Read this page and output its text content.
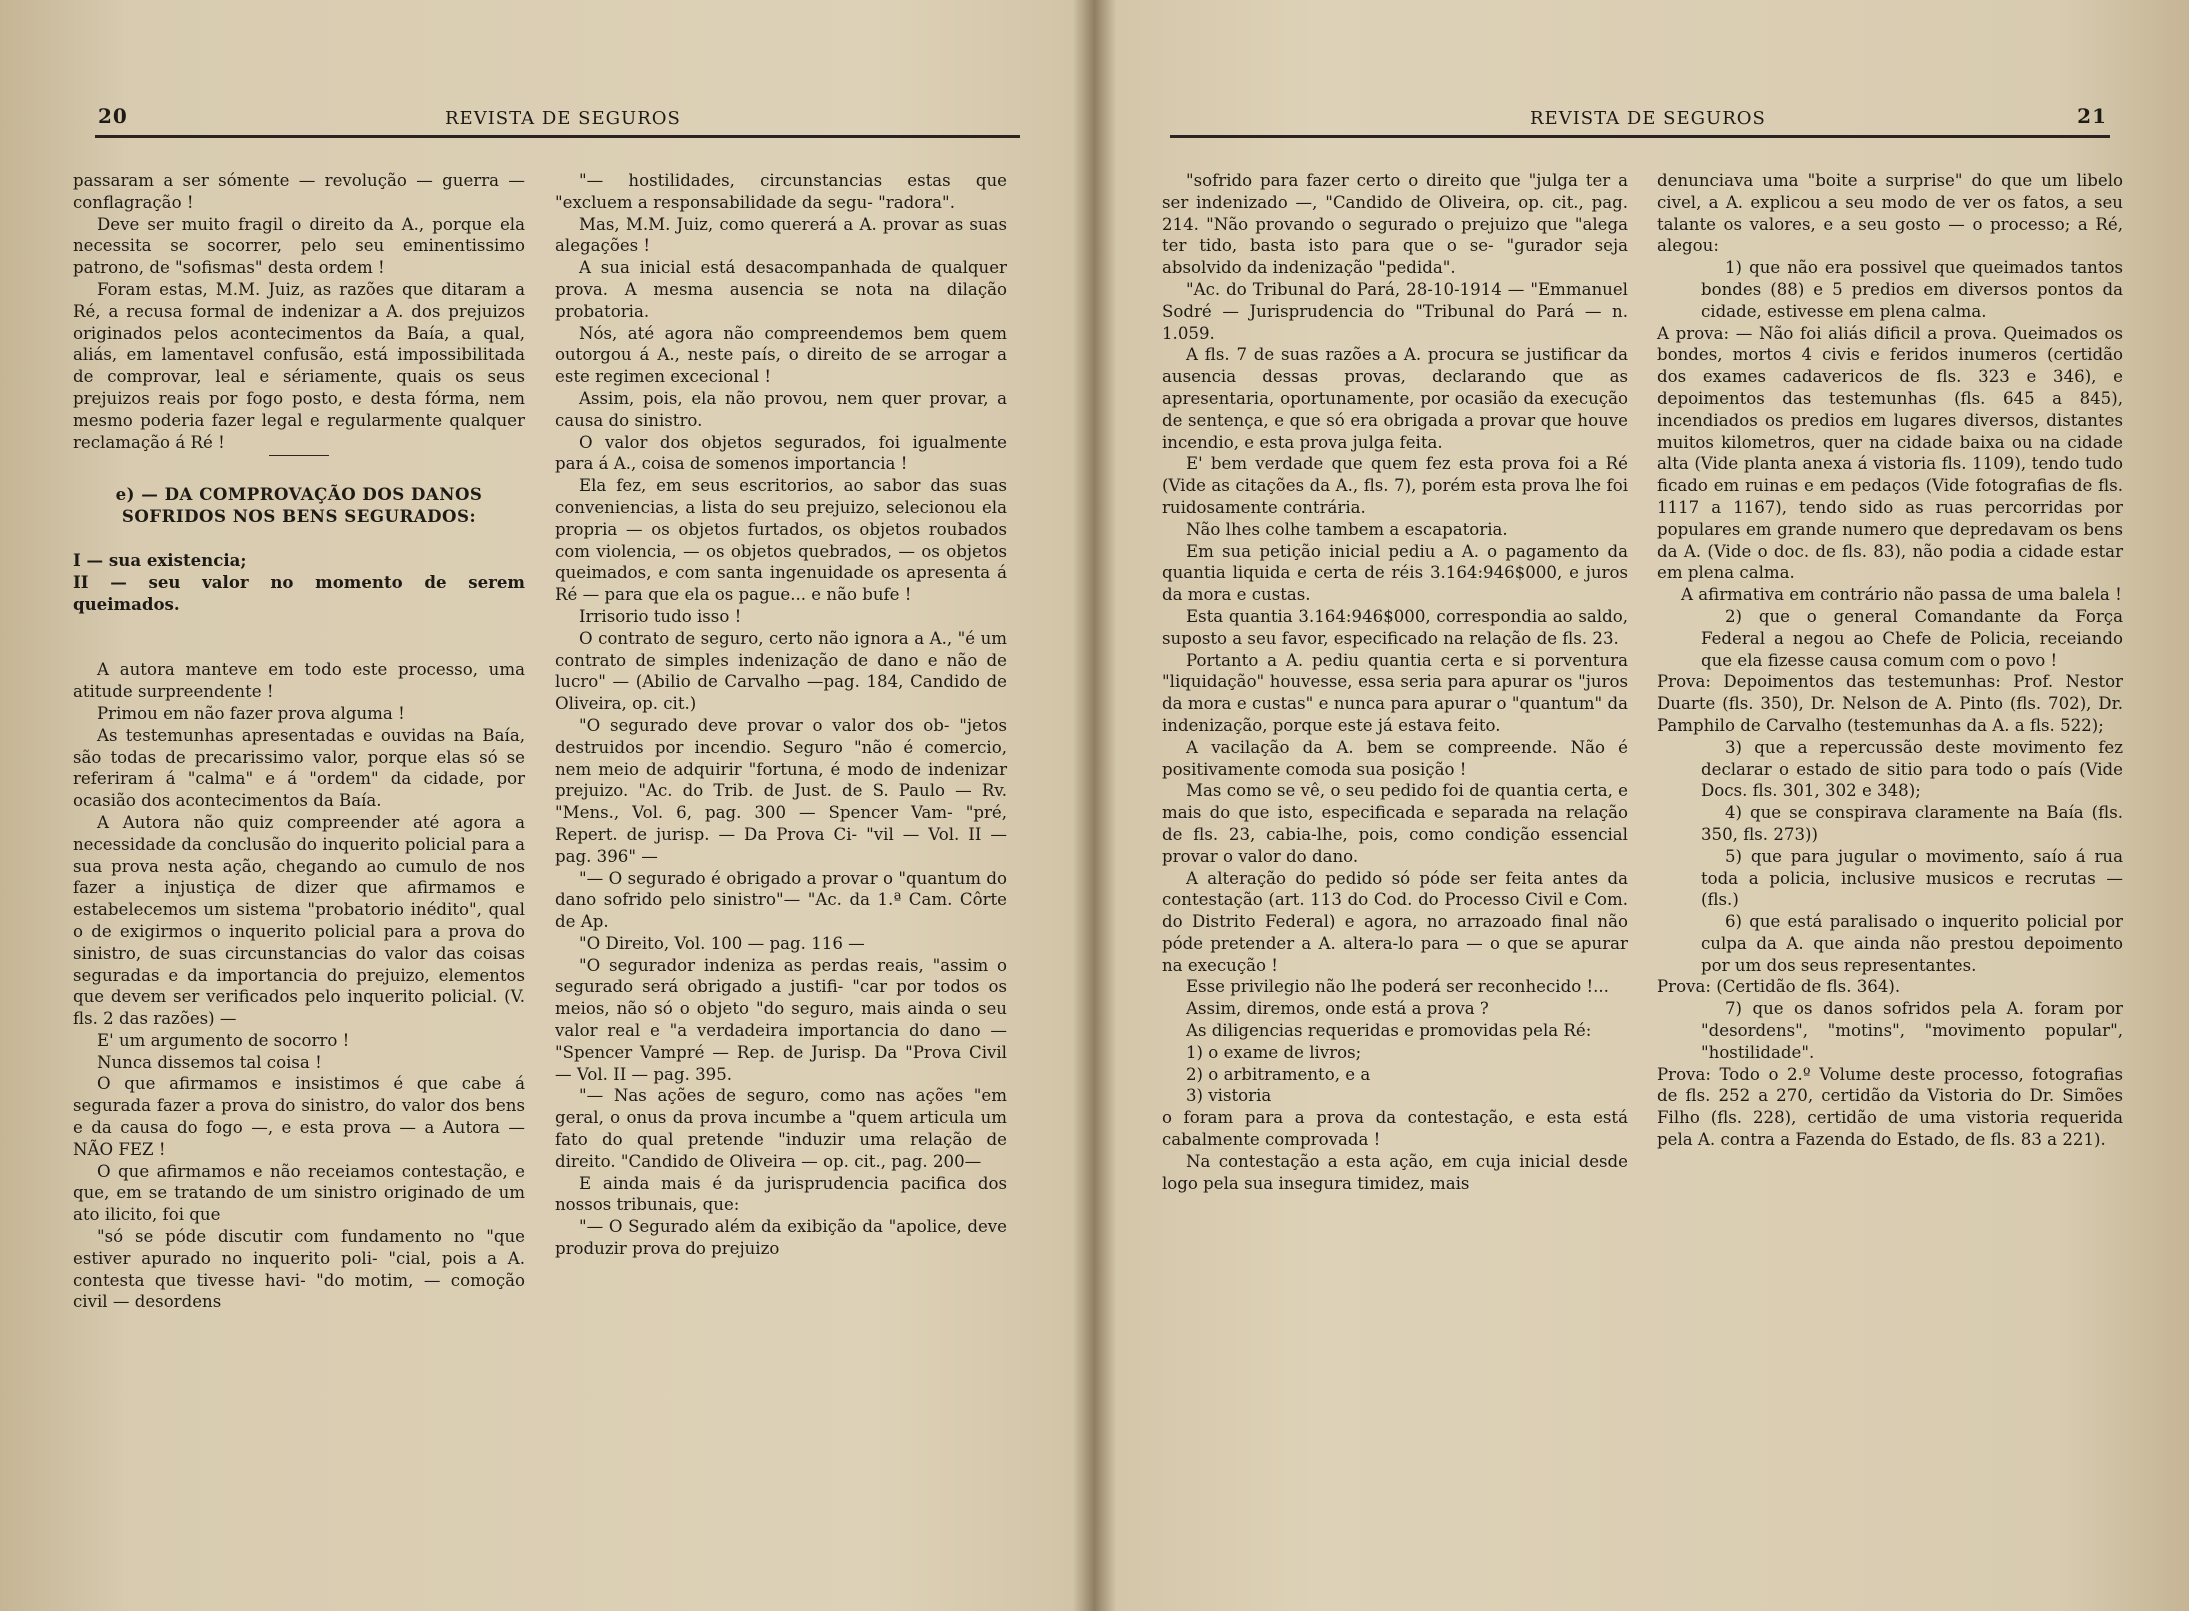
20	REVISTA DE SEGUROS

passaram a ser sómente — revolução — guerra — conflagração !

Deve ser muito fragil o direito da A., porque ela necessita se socorrer, pelo seu eminentissimo patrono, de "sofismas" desta ordem !

Foram estas, M.M. Juiz, as razões que ditaram a Ré, a recusa formal de indenizar a A. dos prejuizos originados pelos acontecimentos da Baía, a qual, aliás, em lamentavel confusão, está impossibilitada de comprovar, leal e sériamente, quais os seus prejuizos reais por fogo posto, e desta fórma, nem mesmo poderia fazer legal e regularmente qualquer reclamação á Ré !

e) — DA COMPROVAÇÃO DOS DANOS SOFRIDOS NOS BENS SEGURADOS:

I — sua existencia;

II — seu valor no momento de serem queimados.

A autora manteve em todo este processo, uma atitude surpreendente !

Primou em não fazer prova alguma !

As testemunhas apresentadas e ouvidas na Baía, são todas de precarissimo valor, porque elas só se referiram á "calma" e á "ordem" da cidade, por ocasião dos acontecimentos da Baía.

A Autora não quiz compreender até agora a necessidade da conclusão do inquerito policial para a sua prova nesta ação, chegando ao cumulo de nos fazer a injustiça de dizer que afirmamos e estabelecemos um sistema "probatorio inédito", qual o de exigirmos o inquerito policial para a prova do sinistro, de suas circunstancias do valor das coisas seguradas e da importancia do prejuizo, elementos que devem ser verificados pelo inquerito policial. (V. fls. 2 das razões) —

E' um argumento de socorro !

Nunca dissemos tal coisa !

O que afirmamos e insistimos é que cabe á segurada fazer a prova do sinistro, do valor dos bens e da causa do fogo —, e esta prova — a Autora — NÃO FEZ !

O que afirmamos e não receiamos contestação, e que, em se tratando de um sinistro originado de um ato ilicito, foi que

"só se póde discutir com fundamento no "que estiver apurado no inquerito poli- "cial, pois a A. contesta que tivesse havi- "do motim, — comoção civil — desordens

"— hostilidades, circunstancias estas que "excluem a responsabilidade da segu- "radora".

Mas, M.M. Juiz, como quererá a A. provar as suas alegações !

A sua inicial está desacompanhada de qualquer prova. A mesma ausencia se nota na dilação probatoria.

Nós, até agora não compreendemos bem quem outorgou á A., neste país, o direito de se arrogar a este regimen excecional !

Assim, pois, ela não provou, nem quer provar, a causa do sinistro.

O valor dos objetos segurados, foi igualmente para á A., coisa de somenos importancia !

Ela fez, em seus escritorios, ao sabor das suas conveniencias, a lista do seu prejuizo, selecionou ela propria — os objetos furtados, os objetos roubados com violencia, — os objetos quebrados, — os objetos queimados, e com santa ingenuidade os apresenta á Ré — para que ela os pague... e não bufe !

Irrisorio tudo isso !

O contrato de seguro, certo não ignora a A., "é um contrato de simples indenização de dano e não de lucro" — (Abilio de Carvalho —pag. 184, Candido de Oliveira, op. cit.)

"O segurado deve provar o valor dos ob- "jetos destruidos por incendio. Seguro "não é comercio, nem meio de adquirir "fortuna, é modo de indenizar prejuizo. "Ac. do Trib. de Just. de S. Paulo — Rv. "Mens., Vol. 6, pag. 300 — Spencer Vam- "pré, Repert. de jurisp. — Da Prova Ci- "vil — Vol. II — pag. 396" —

"— O segurado é obrigado a provar o "quantum do dano sofrido pelo sinistro"— "Ac. da 1.ª Cam. Côrte de Ap.

"O Direito, Vol. 100 — pag. 116 —

"O segurador indeniza as perdas reais, "assim o segurado será obrigado a justifi- "car por todos os meios, não só o objeto "do seguro, mais ainda o seu valor real e "a verdadeira importancia do dano — "Spencer Vampré — Rep. de Jurisp. Da "Prova Civil — Vol. II — pag. 395.

"— Nas ações de seguro, como nas ações "em geral, o onus da prova incumbe a "quem articula um fato do qual pretende "induzir uma relação de direito. "Candido de Oliveira — op. cit., pag. 200—

E ainda mais é da jurisprudencia pacifica dos nossos tribunais, que:

"— O Segurado além da exibição da "apolice, deve produzir prova do prejuizo

REVISTA DE SEGUROS	21

"sofrido para fazer certo o direito que "julga ter a ser indenizado —, "Candido de Oliveira, op. cit., pag. 214. "Não provando o segurado o prejuizo que "alega ter tido, basta isto para que o se- "gurador seja absolvido da indenização "pedida".

"Ac. do Tribunal do Pará, 28-10-1914 — "Emmanuel Sodré — Jurisprudencia do "Tribunal do Pará — n. 1.059.

A fls. 7 de suas razões a A. procura se justificar da ausencia dessas provas, declarando que as apresentaria, oportunamente, por ocasião da execução de sentença, e que só era obrigada a provar que houve incendio, e esta prova julga feita.

E' bem verdade que quem fez esta prova foi a Ré (Vide as citações da A., fls. 7), porém esta prova lhe foi ruidosamente contrária.

Não lhes colhe tambem a escapatoria.

Em sua petição inicial pediu a A. o pagamento da quantia liquida e certa de réis 3.164:946$000, e juros da mora e custas.

Esta quantia 3.164:946$000, correspondia ao saldo, suposto a seu favor, especificado na relação de fls. 23.

Portanto a A. pediu quantia certa e si porventura "liquidação" houvesse, essa seria para apurar os "juros da mora e custas" e nunca para apurar o "quantum" da indenização, porque este já estava feito.

A vacilação da A. bem se compreende. Não é positivamente comoda sua posição !

Mas como se vê, o seu pedido foi de quantia certa, e mais do que isto, especificada e separada na relação de fls. 23, cabia-lhe, pois, como condição essencial provar o valor do dano.

A alteração do pedido só póde ser feita antes da contestação (art. 113 do Cod. do Processo Civil e Com. do Distrito Federal) e agora, no arrazoado final não póde pretender a A. altera-lo para — o que se apurar na execução !

Esse privilegio não lhe poderá ser reconhecido !...

Assim, diremos, onde está a prova ?

As diligencias requeridas e promovidas pela Ré:

1) o exame de livros;

2) o arbitramento, e a

3) vistoria

o foram para a prova da contestação, e esta está cabalmente comprovada !

Na contestação a esta ação, em cuja inicial desde logo pela sua insegura timidez, mais

denunciava uma "boite a surprise" do que um libelo civel, a A. explicou a seu modo de ver os fatos, a seu talante os valores, e a seu gosto — o processo; a Ré, alegou:

1) que não era possivel que queimados tantos bondes (88) e 5 predios em diversos pontos da cidade, estivesse em plena calma.

A prova: — Não foi aliás dificil a prova. Queimados os bondes, mortos 4 civis e feridos inumeros (certidão dos exames cadavericos de fls. 323 e 346), e depoimentos das testemunhas (fls. 645 a 845), incendiados os predios em lugares diversos, distantes muitos kilometros, quer na cidade baixa ou na cidade alta (Vide planta anexa á vistoria fls. 1109), tendo tudo ficado em ruinas e em pedaços (Vide fotografias de fls. 1117 a 1167), tendo sido as ruas percorridas por populares em grande numero que depredavam os bens da A. (Vide o doc. de fls. 83), não podia a cidade estar em plena calma.

A afirmativa em contrário não passa de uma balela !

2) que o general Comandante da Força Federal a negou ao Chefe de Policia, receiando que ela fizesse causa comum com o povo !

Prova: Depoimentos das testemunhas: Prof. Nestor Duarte (fls. 350), Dr. Nelson de A. Pinto (fls. 702), Dr. Pamphilo de Carvalho (testemunhas da A. a fls. 522);

3) que a repercussão deste movimento fez declarar o estado de sitio para todo o país (Vide Docs. fls. 301, 302 e 348);

4) que se conspirava claramente na Baía (fls. 350, fls. 273))

5) que para jugular o movimento, saío á rua toda a policia, inclusive musicos e recrutas — (fls.)

6) que está paralisado o inquerito policial por culpa da A. que ainda não prestou depoimento por um dos seus representantes.

Prova: (Certidão de fls. 364).

7) que os danos sofridos pela A. foram por "desordens", "motins", "movimento popular", "hostilidade".

Prova: Todo o 2.º Volume deste processo, fotografias de fls. 252 a 270, certidão da Vistoria do Dr. Simões Filho (fls. 228), certidão de uma vistoria requerida pela A. contra a Fazenda do Estado, de fls. 83 a 221).
